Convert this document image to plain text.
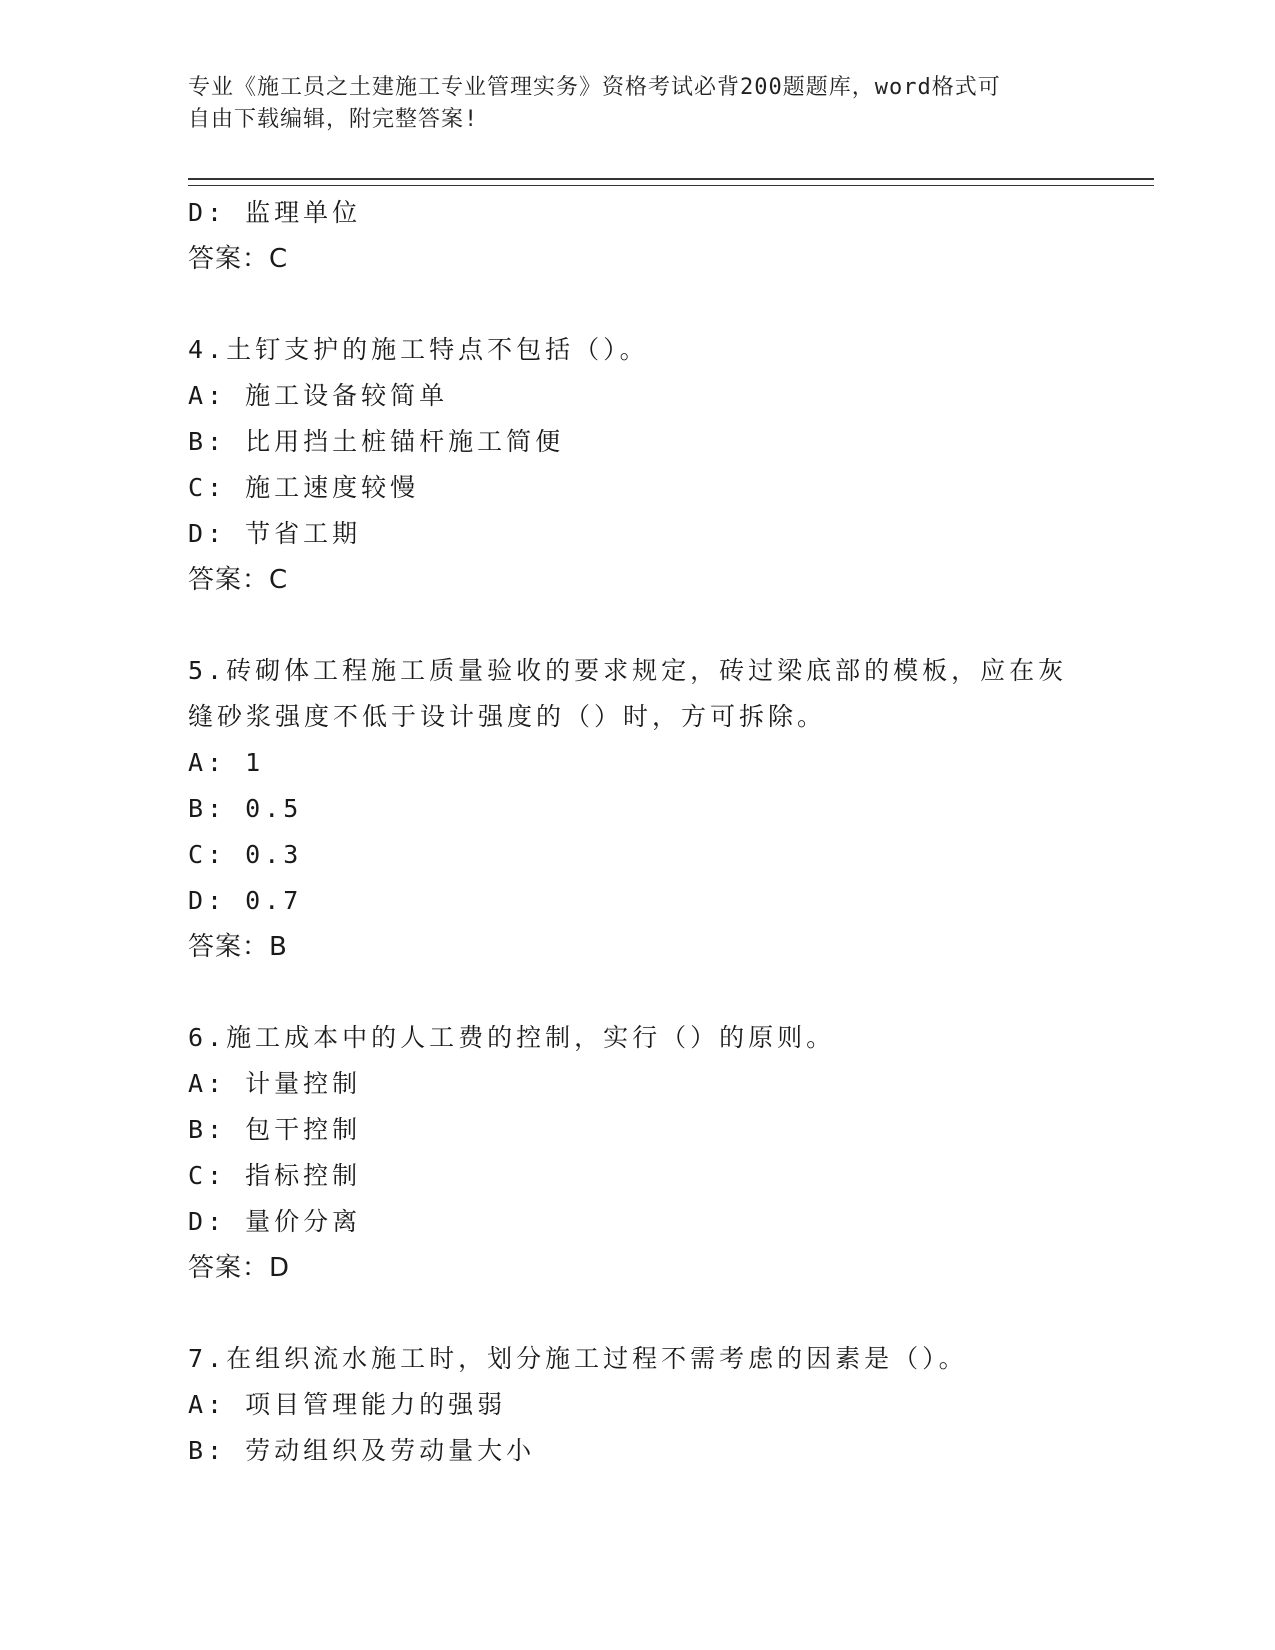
专业《施工员之土建施工专业管理实务》资格考试必背200题题库，word格式可
自由下载编辑，附完整答案!
D: 监理单位
答案：C
4.土钉支护的施工特点不包括（）。
A: 施工设备较简单
B: 比用挡土桩锚杆施工简便
C: 施工速度较慢
D: 节省工期
答案：C
5.砖砌体工程施工质量验收的要求规定，砖过梁底部的模板，应在灰
缝砂浆强度不低于设计强度的（）时，方可拆除。
A: 1
B: 0.5
C: 0.3
D: 0.7
答案：B
6.施工成本中的人工费的控制，实行（）的原则。
A: 计量控制
B: 包干控制
C: 指标控制
D: 量价分离
答案：D
7.在组织流水施工时，划分施工过程不需考虑的因素是（）。
A: 项目管理能力的强弱
B: 劳动组织及劳动量大小
